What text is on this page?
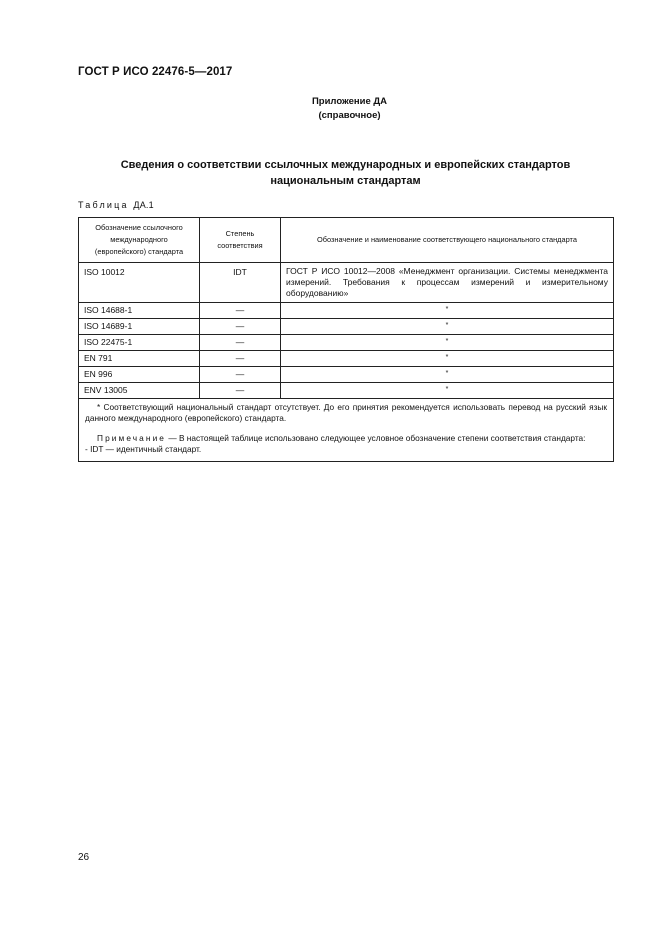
ГОСТ Р ИСО 22476-5—2017
Приложение ДА
(справочное)
Сведения о соответствии ссылочных международных и европейских стандартов
национальным стандартам
Таблица ДА.1
Обозначение ссылочного международного (европейского) стандарта	Степень соответствия	Обозначение и наименование соответствующего национального стандарта
ISO 10012	IDT	ГОСТ Р ИСО 10012—2008 «Менеджмент организации. Системы менеджмента измерений. Требования к процессам измерений и измерительному оборудованию»
ISO 14688-1	—	*
ISO 14689-1	—	*
ISO 22475-1	—	*
EN 791	—	*
EN 996	—	*
ENV 13005	—	*

* Соответствующий национальный стандарт отсутствует. До его принятия рекомендуется использовать перевод на русский язык данного международного (европейского) стандарта.
Примечание — В настоящей таблице использовано следующее условное обозначение степени соответствия стандарта:
- IDT — идентичный стандарт.		
26
